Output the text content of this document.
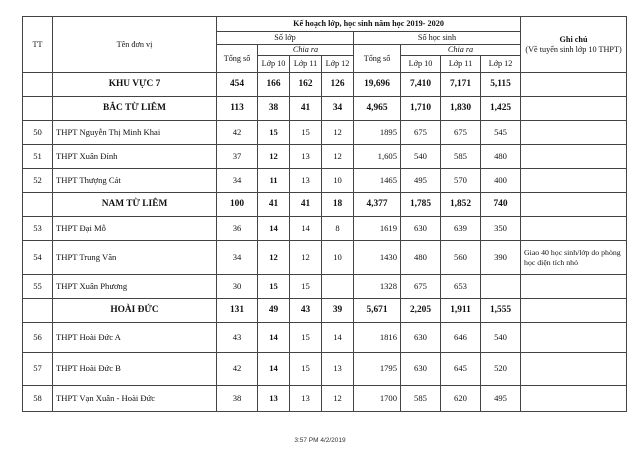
TT	Tên đơn vị	Kế hoạch lớp, học sinh năm học 2019- 2020								Ghi chú
(Về tuyển sinh lớp 10 THPT)

		Số lớp				Số học sinh				
		Tổng số	Chia ra			Tổng số	Chia ra			
			Lớp 10	Lớp 11	Lớp 12		Lớp 10	Lớp 11	Lớp 12	
	KHU VỰC 7	454	166	162	126	19,696	7,410	7,171	5,115	
	BẮC TỪ LIÊM	113	38	41	34	4,965	1,710	1,830	1,425	
50	THPT Nguyễn Thị Minh Khai	42	15	15	12	1895	675	675	545	
51	THPT Xuân Đỉnh	37	12	13	12	1,605	540	585	480	
52	THPT Thượng Cát	34	11	13	10	1465	495	570	400	
	NAM TỪ LIÊM	100	41	41	18	4,377	1,785	1,852	740	
53	THPT Đại Mỗ	36	14	14	8	1619	630	639	350	
54	THPT Trung Văn	34	12	12	10	1430	480	560	390	Giao 40 học sinh/lớp do phòng học diện tích nhỏ
55	THPT Xuân Phương	30	15	15		1328	675	653		
	HOÀI ĐỨC	131	49	43	39	5,671	2,205	1,911	1,555	
56	THPT Hoài Đức A	43	14	15	14	1816	630	646	540	
57	THPT Hoài Đức B	42	14	15	13	1795	630	645	520	
58	THPT Vạn Xuân - Hoài Đức	38	13	13	12	1700	585	620	495	
3:57 PM 4/2/2019
